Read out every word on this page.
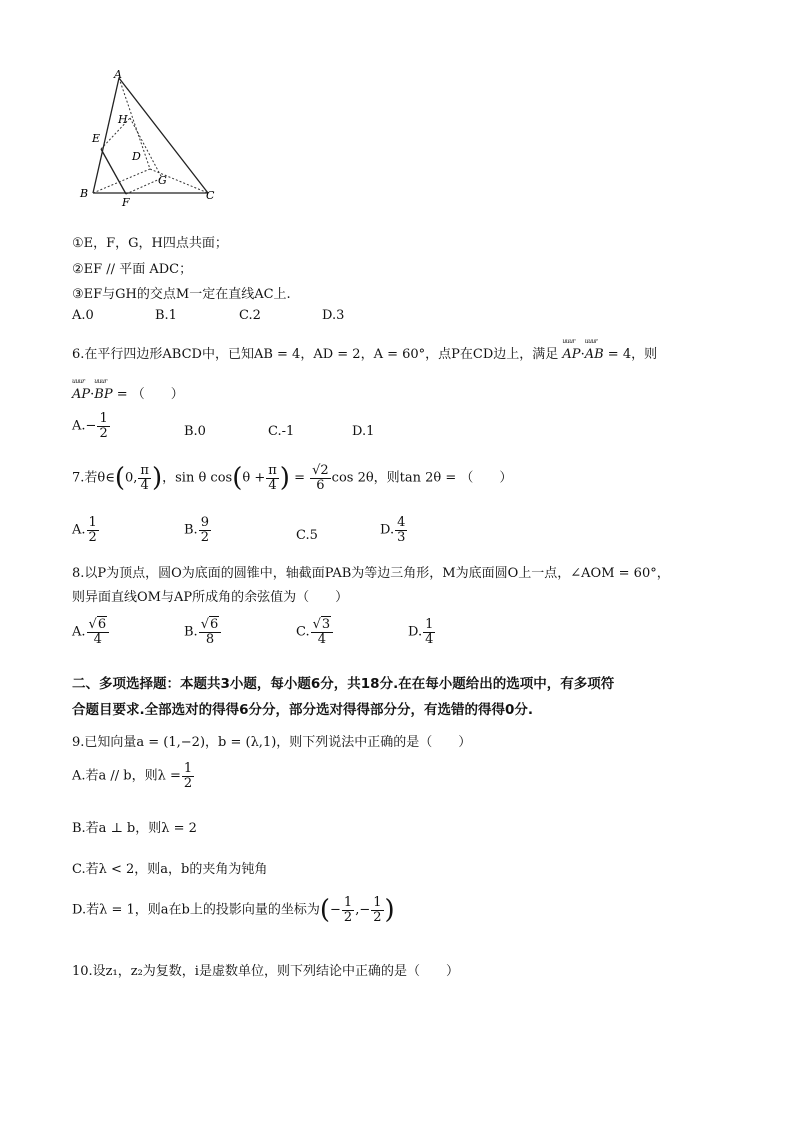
A
B	C
D
E
F
G
H
①E，F，G，H四点共面；
②EF // 平面 ADC；
③EF与GH的交点M一定在直线AC上.
A.0	B.1	C.2	D.3
6.在平行四边形ABCD中，已知AB = 4，AD = 2，A = 60°，点P在CD边上，满足 uuur AP·uuur AB = 4，则
uuur AP·uuur BP = （　　）
$A.- \frac{1}{2}$	B.0	C.-1	D.1
7.若θ∈(0, $\frac{\pi}{4}$ )，sin θ $\cos(\theta + \frac{\pi}{4}$ ) = $\frac{√2}{6}$ cos 2θ，则tan 2θ = （　　）
A. $\frac{1}{2}$	B. $\frac{9}{2}$	C.5	D. $\frac{4}{3}$
8.以P为顶点，圆O为底面的圆锥中，轴截面PAB为等边三角形，M为底面圆O上一点，∠AOM = 60°，
则异面直线OM与AP所成角的余弦值为（　　）
A. $\frac{√6}{4}$	B. $\frac{√6}{8}$	C. $\frac{√3}{4}$	D. $\frac{1}{4}$
二、多项选择题：本题共3小题，每小题6分，共18分.在在每小题给出的选项中，有多项符
合题目要求.全部选对的得得6分分，部分选对得得部分分，有选错的得得0分.
9.已知向量a = (1,−2)，b = (λ,1)，则下列说法中正确的是（　　）
A.若a // b，则$\lambda = \frac{1}{2}$
B.若a ⊥ b，则λ = 2
C.若λ < 2，则a，b的夹角为钝角
D.若λ = 1，则a在b上的投影向量的坐标为(− $\frac{1}{2}$ ,− $\frac{1}{2}$ )
10.设z₁，z₂为复数，i是虚数单位，则下列结论中正确的是（　　）
